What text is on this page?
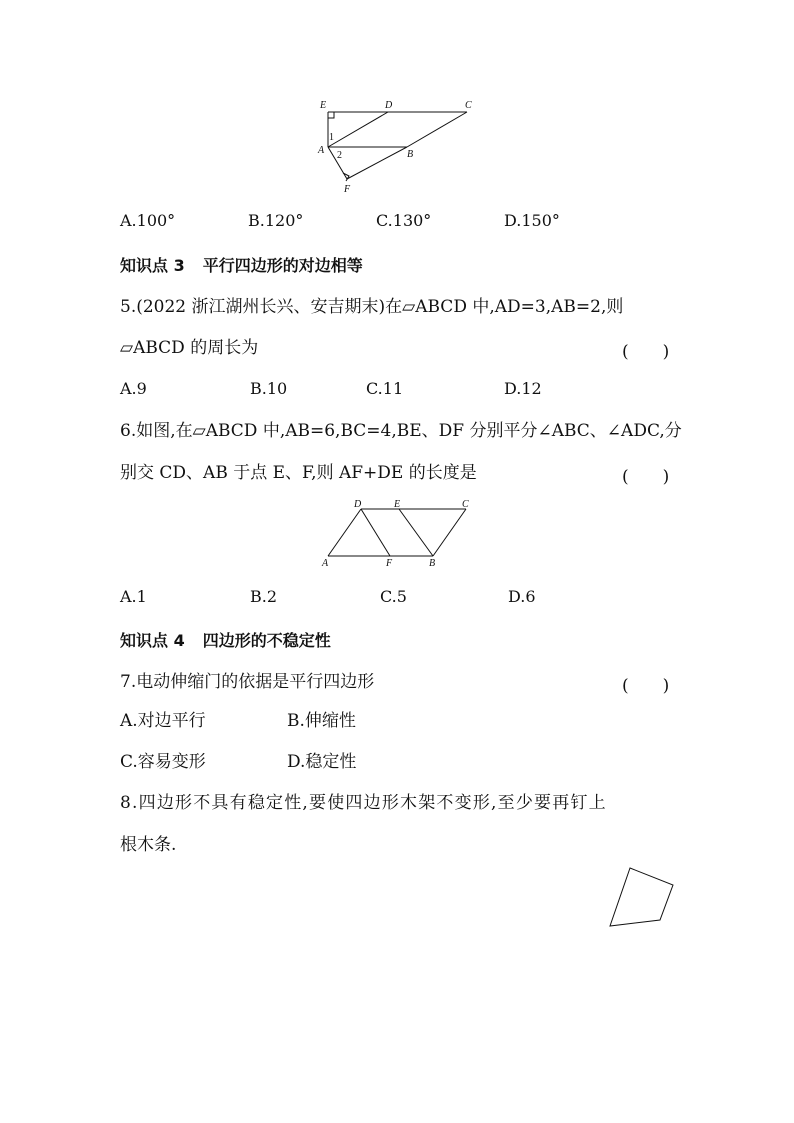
E	D	C
A	B
F
1
2
A.100°	B.120°	C.130°	D.150°
知识点 3 平行四边形的对边相等
5.(2022 浙江湖州长兴、安吉期末)在▱ABCD 中,AD=3,AB=2,则
▱ABCD 的周长为	(　　)
A.9	B.10	C.11	D.12
6.如图,在▱ABCD 中,AB=6,BC=4,BE、DF 分别平分∠ABC、∠ADC,分
别交 CD、AB 于点 E、F,则 AF+DE 的长度是	(　　)
D	E	C
A	F	B
A.1	B.2	C.5	D.6
知识点 4 四边形的不稳定性
7.电动伸缩门的依据是平行四边形	(　　)
A.对边平行	B.伸缩性
C.容易变形	D.稳定性
8.四边形不具有稳定性,要使四边形木架不变形,至少要再钉上
根木条.
